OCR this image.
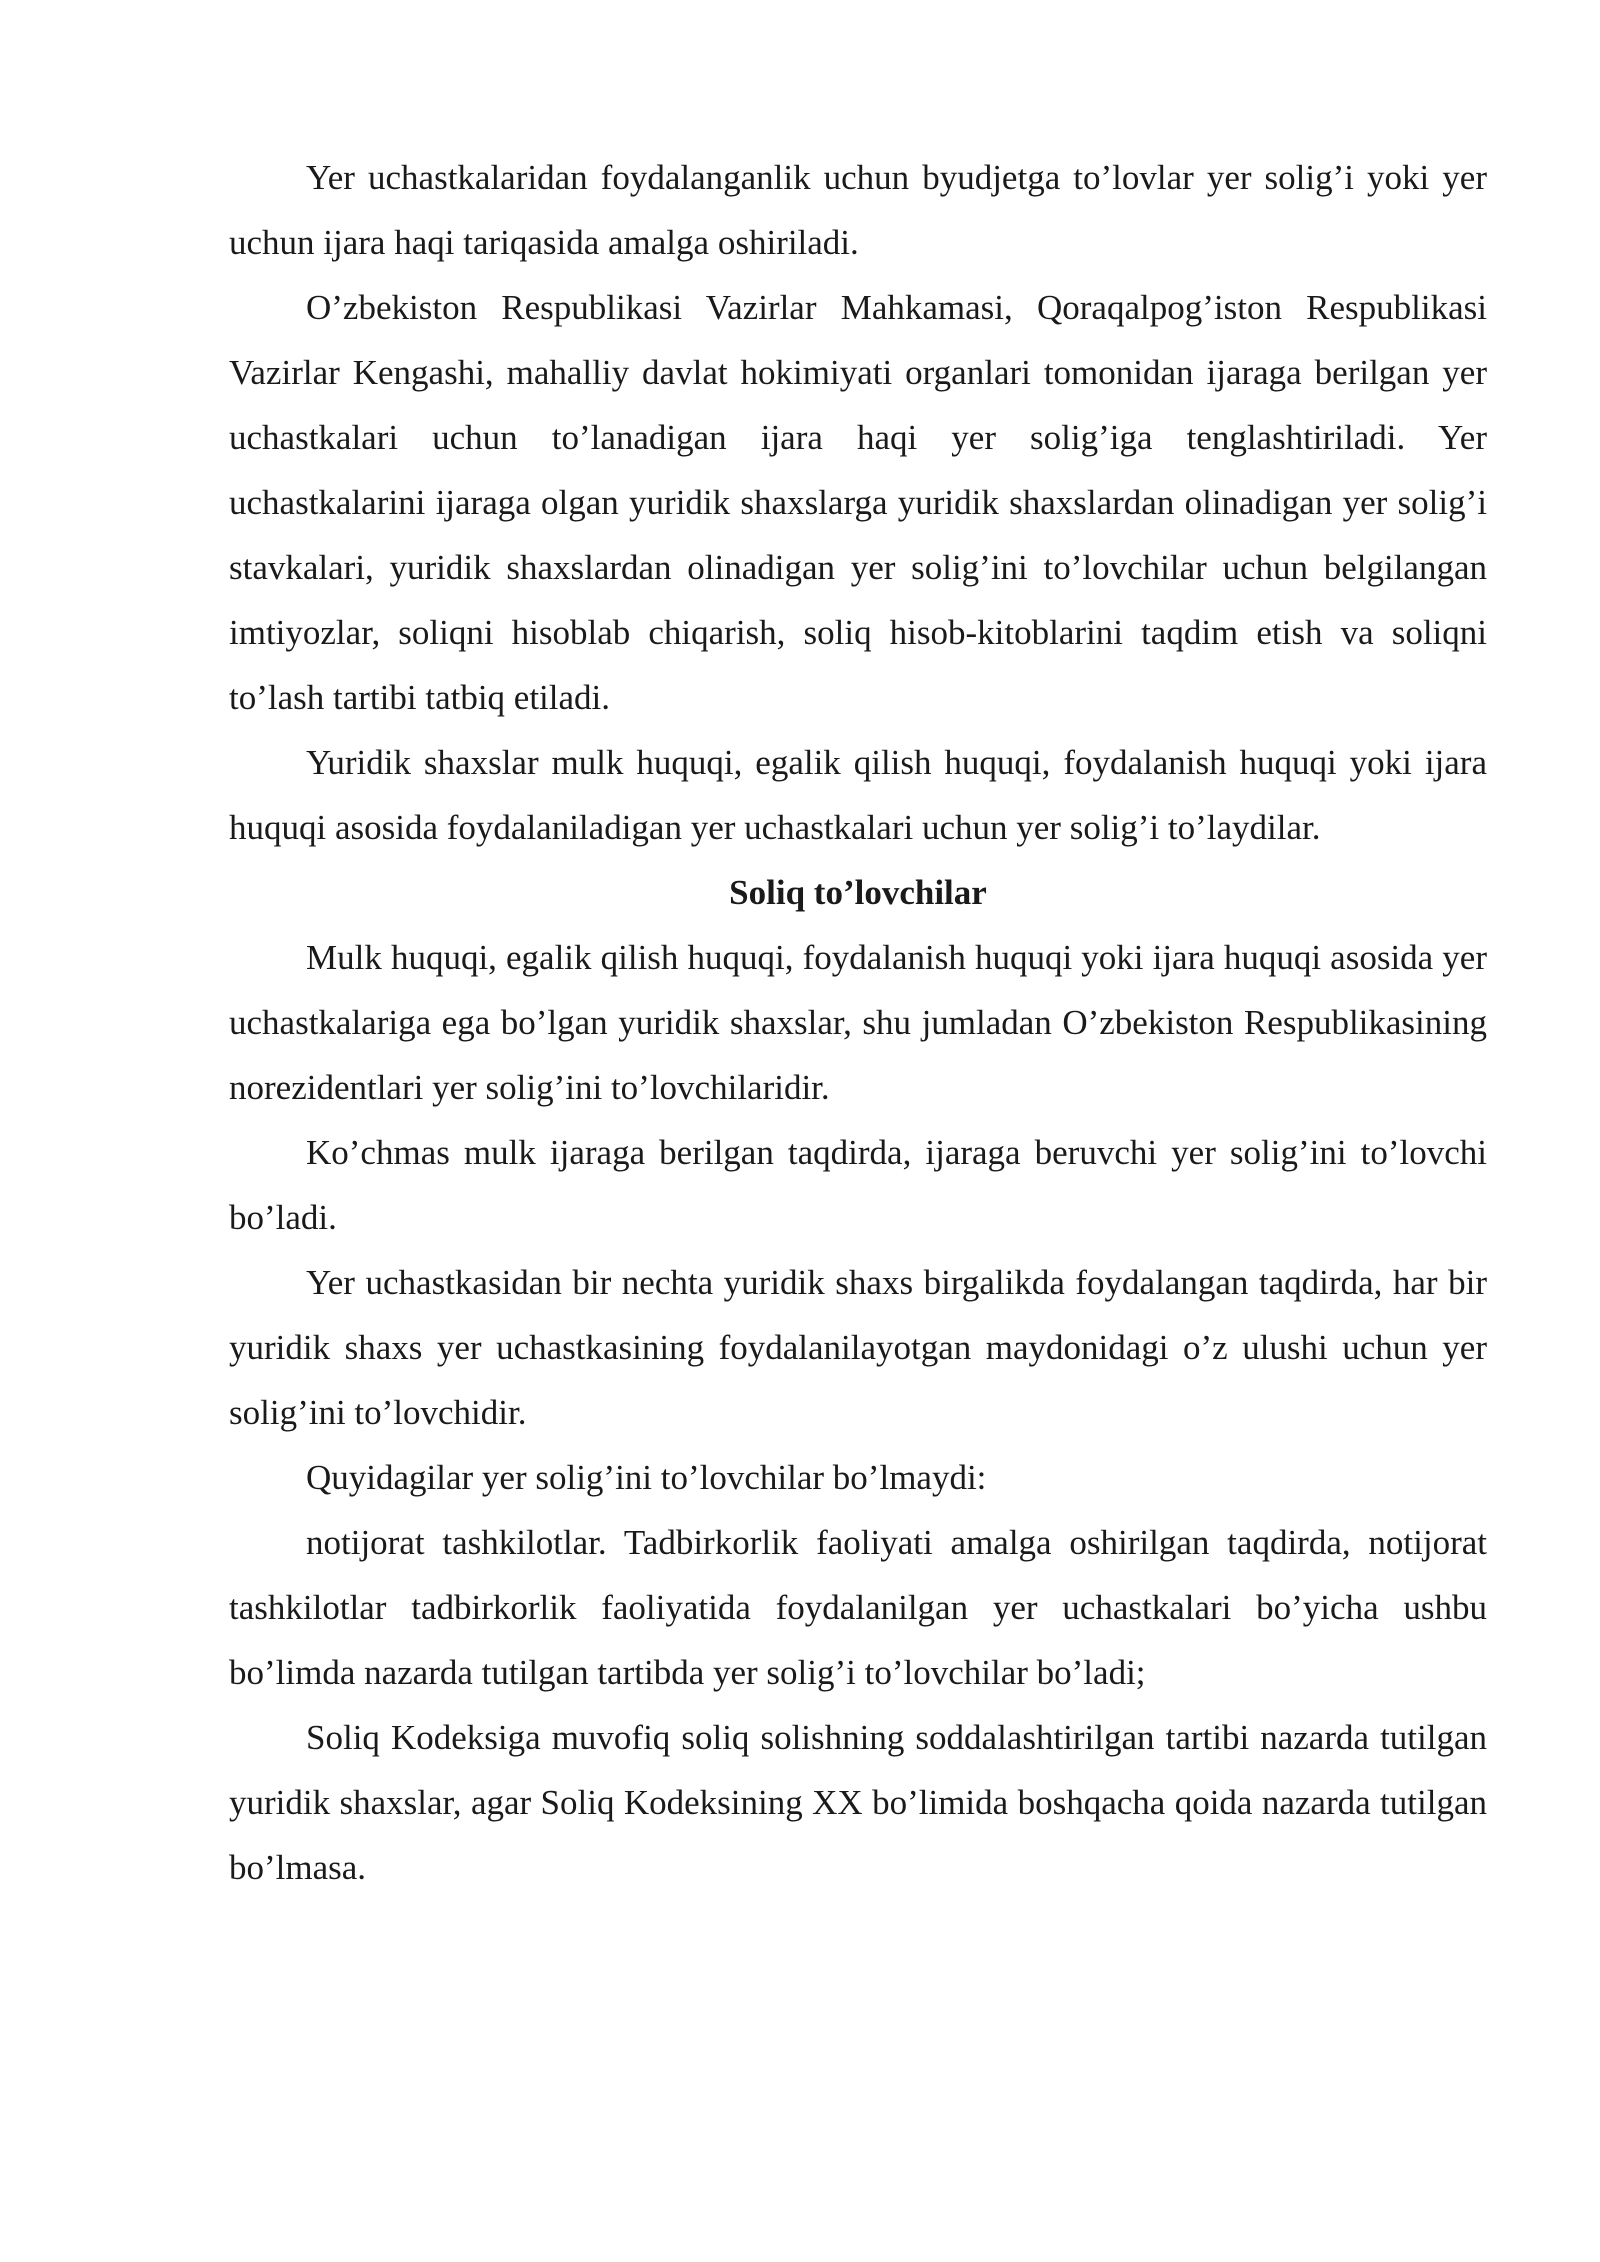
Yer uchastkalaridan foydalanganlik uchun byudjetga to’lovlar yer solig’i yoki yer uchun ijara haqi tariqasida amalga oshiriladi.

O’zbekiston Respublikasi Vazirlar Mahkamasi, Qoraqalpog’iston Respublikasi Vazirlar Kengashi, mahalliy davlat hokimiyati organlari tomonidan ijaraga berilgan yer uchastkalari uchun to’lanadigan ijara haqi yer solig’iga tenglashtiriladi. Yer uchastkalarini ijaraga olgan yuridik shaxslarga yuridik shaxslardan olinadigan yer solig’i stavkalari, yuridik shaxslardan olinadigan yer solig’ini to’lovchilar uchun belgilangan imtiyozlar, soliqni hisoblab chiqarish, soliq hisob-kitoblarini taqdim etish va soliqni to’lash tartibi tatbiq etiladi.

Yuridik shaxslar mulk huquqi, egalik qilish huquqi, foydalanish huquqi yoki ijara huquqi asosida foydalaniladigan yer uchastkalari uchun yer solig’i to’laydilar.

Soliq to’lovchilar

Mulk huquqi, egalik qilish huquqi, foydalanish huquqi yoki ijara huquqi asosida yer uchastkalariga ega bo’lgan yuridik shaxslar, shu jumladan O’zbekiston Respublikasining norezidentlari yer solig’ini to’lovchilaridir.

Ko’chmas mulk ijaraga berilgan taqdirda, ijaraga beruvchi yer solig’ini to’lovchi bo’ladi.

Yer uchastkasidan bir nechta yuridik shaxs birgalikda foydalangan taqdirda, har bir yuridik shaxs yer uchastkasining foydalanilayotgan maydonidagi o’z ulushi uchun yer solig’ini to’lovchidir.

Quyidagilar yer solig’ini to’lovchilar bo’lmaydi:

notijorat tashkilotlar. Tadbirkorlik faoliyati amalga oshirilgan taqdirda, notijorat tashkilotlar tadbirkorlik faoliyatida foydalanilgan yer uchastkalari bo’yicha ushbu bo’limda nazarda tutilgan tartibda yer solig’i to’lovchilar bo’ladi;

Soliq Kodeksiga muvofiq soliq solishning soddalashtirilgan tartibi nazarda tutilgan yuridik shaxslar, agar Soliq Kodeksining XX bo’limida boshqacha qoida nazarda tutilgan bo’lmasa.
